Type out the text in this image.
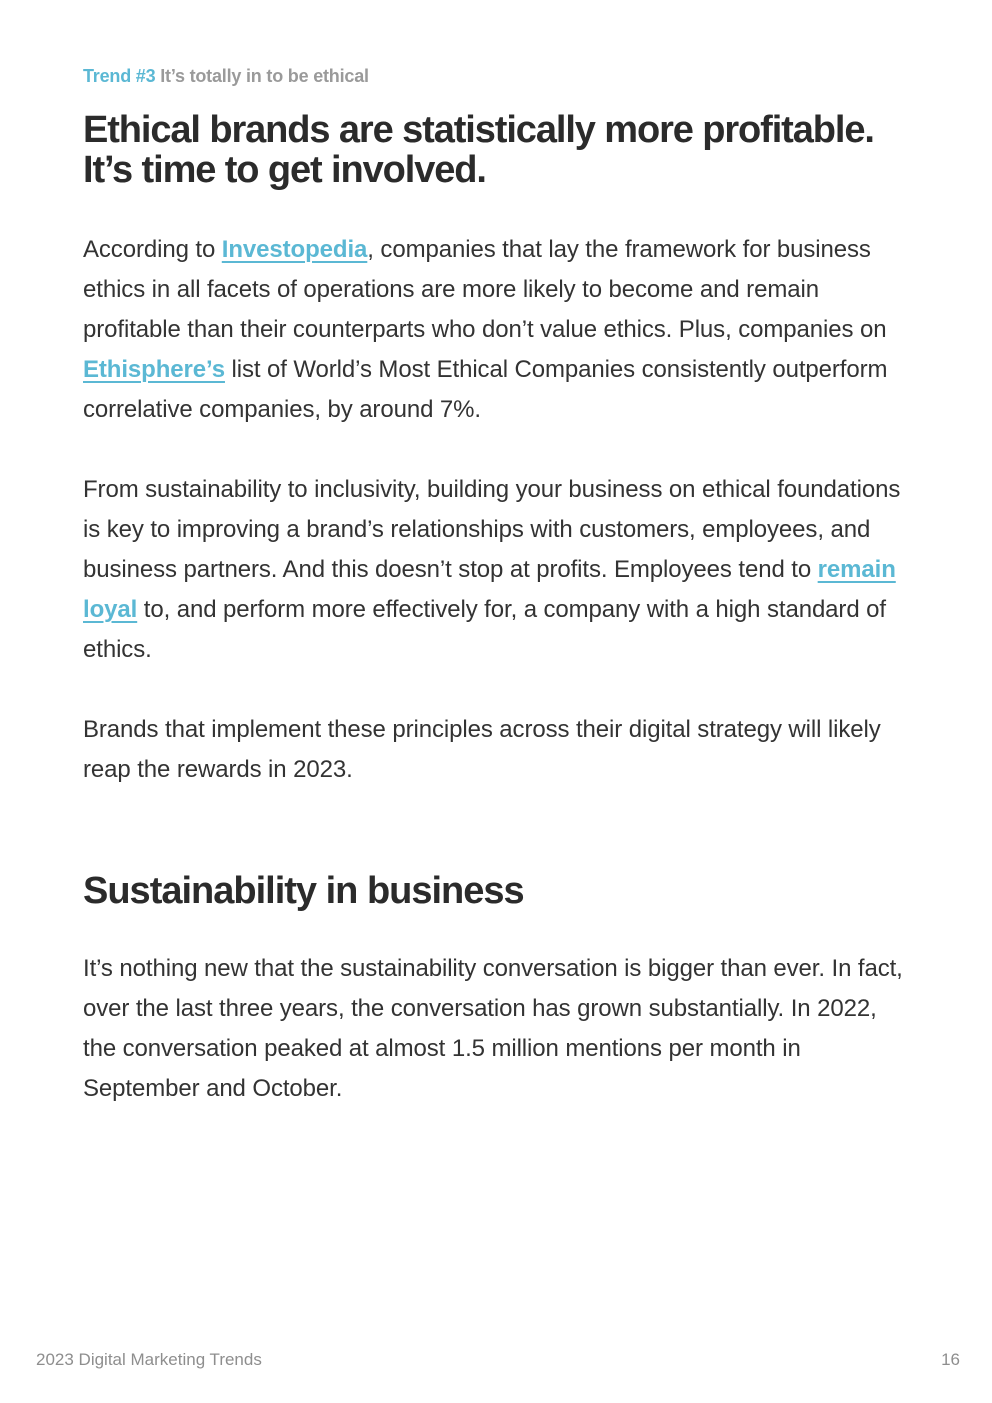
Trend #3 It’s totally in to be ethical

Ethical brands are statistically more profitable.
It’s time to get involved.

According to Investopedia, companies that lay the framework for business ethics in all facets of operations are more likely to become and remain profitable than their counterparts who don’t value ethics. Plus, companies on Ethisphere’s list of World’s Most Ethical Companies consistently outperform correlative companies, by around 7%.

From sustainability to inclusivity, building your business on ethical foundations is key to improving a brand’s relationships with customers, employees, and business partners. And this doesn’t stop at profits. Employees tend to remain loyal to, and perform more effectively for, a company with a high standard of ethics.

Brands that implement these principles across their digital strategy will likely reap the rewards in 2023.

Sustainability in business

It’s nothing new that the sustainability conversation is bigger than ever. In fact, over the last three years, the conversation has grown substantially. In 2022, the conversation peaked at almost 1.5 million mentions per month in September and October.

2023 Digital Marketing Trends	16
